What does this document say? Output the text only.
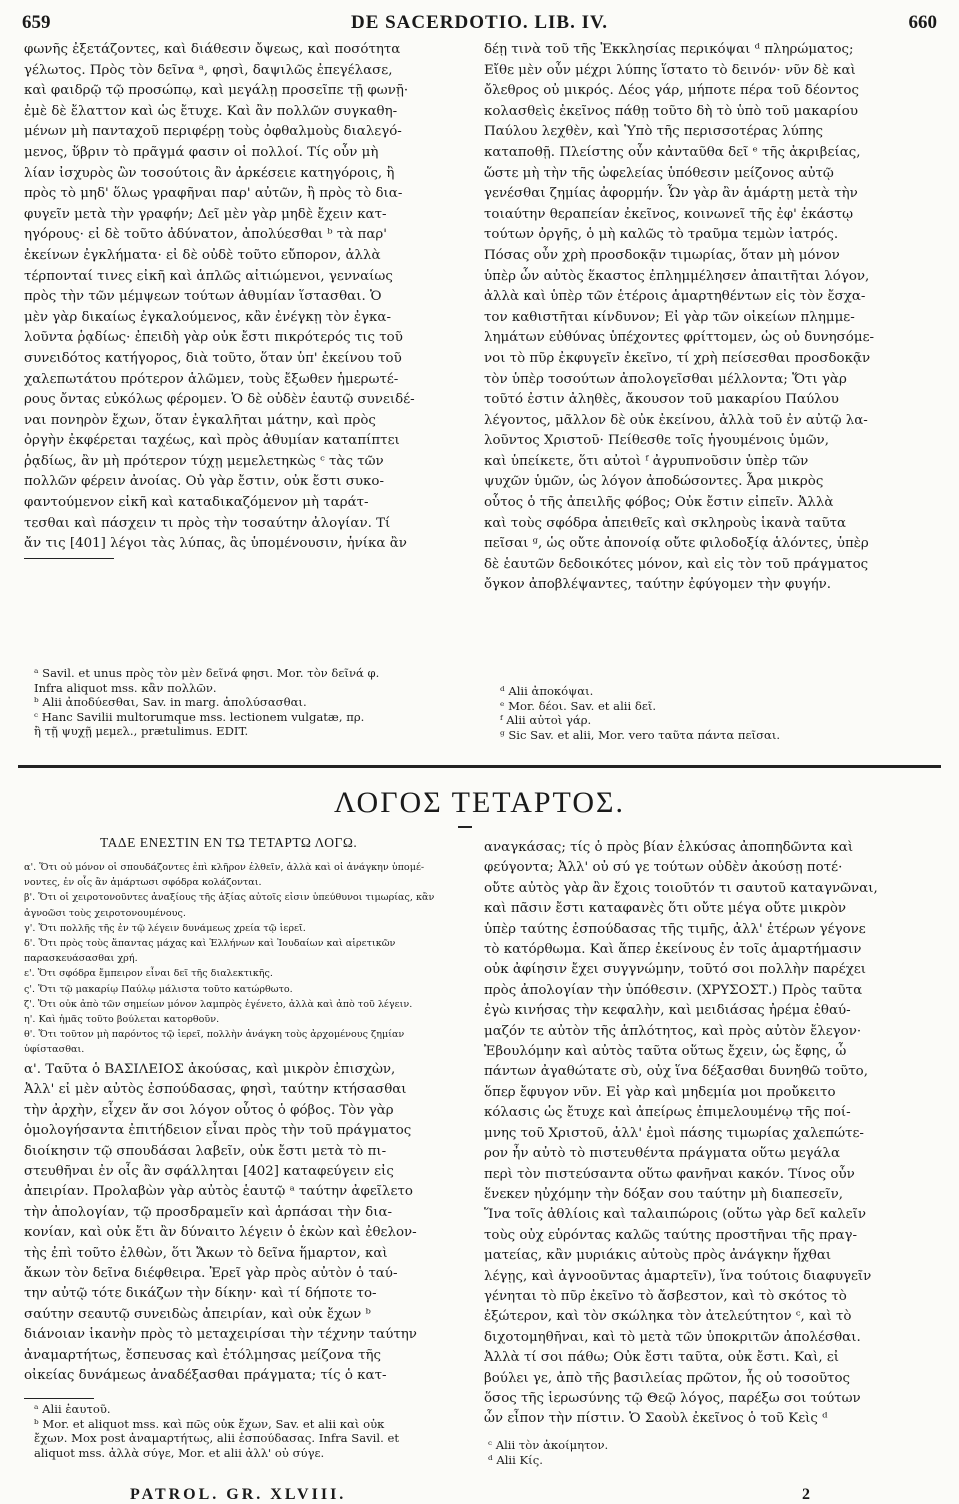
659	DE SACERDOTIO. LIB. IV.	660
φωνῆς ἐξετάζοντες, καὶ διάθεσιν ὄψεως, καὶ ποσότητα
γέλωτος. Πρὸς τὸν δεῖνα ᵃ, φησὶ, δαψιλῶς ἐπεγέλασε,
καὶ φαιδρῷ τῷ προσώπῳ, καὶ μεγάλῃ προσεῖπε τῇ φωνῇ·
ἐμὲ δὲ ἔλαττον καὶ ὡς ἔτυχε. Καὶ ἂν πολλῶν συγκαθη-
μένων μὴ πανταχοῦ περιφέρῃ τοὺς ὀφθαλμοὺς διαλεγό-
μενος, ὕβριν τὸ πρᾶγμά φασιν οἱ πολλοί. Τίς οὖν μὴ
λίαν ἰσχυρὸς ὢν τοσούτοις ἂν ἀρκέσειε κατηγόροις, ἢ
πρὸς τὸ μηδ' ὅλως γραφῆναι παρ' αὐτῶν, ἢ πρὸς τὸ δια-
φυγεῖν μετὰ τὴν γραφήν; Δεῖ μὲν γὰρ μηδὲ ἔχειν κατ-
ηγόρους· εἰ δὲ τοῦτο ἀδύνατον, ἀπολύεσθαι ᵇ τὰ παρ'
ἐκείνων ἐγκλήματα· εἰ δὲ οὐδὲ τοῦτο εὔπορον, ἀλλὰ
τέρπονταί τινες εἰκῆ καὶ ἁπλῶς αἰτιώμενοι, γενναίως
πρὸς τὴν τῶν μέμψεων τούτων ἀθυμίαν ἵστασθαι. Ὁ
μὲν γὰρ δικαίως ἐγκαλούμενος, κἂν ἐνέγκῃ τὸν ἐγκα-
λοῦντα ῥᾳδίως· ἐπειδὴ γὰρ οὐκ ἔστι πικρότερός τις τοῦ
συνειδότος κατήγορος, διὰ τοῦτο, ὅταν ὑπ' ἐκείνου τοῦ
χαλεπωτάτου πρότερον ἁλῶμεν, τοὺς ἔξωθεν ἡμερωτέ-
ρους ὄντας εὐκόλως φέρομεν. Ὁ δὲ οὐδὲν ἑαυτῷ συνειδέ-
ναι πονηρὸν ἔχων, ὅταν ἐγκαλῆται μάτην, καὶ πρὸς
ὀργὴν ἐκφέρεται ταχέως, καὶ πρὸς ἀθυμίαν καταπίπτει
ῥᾳδίως, ἂν μὴ πρότερον τύχῃ μεμελετηκὼς ᶜ τὰς τῶν
πολλῶν φέρειν ἀνοίας. Οὐ γὰρ ἔστιν, οὐκ ἔστι συκο-
φαντούμενον εἰκῆ καὶ καταδικαζόμενον μὴ ταράτ-
τεσθαι καὶ πάσχειν τι πρὸς τὴν τοσαύτην ἀλογίαν. Τί
ἄν τις [401] λέγοι τὰς λύπας, ἃς ὑπομένουσιν, ἡνίκα ἂν
δέῃ τινὰ τοῦ τῆς Ἐκκλησίας περικόψαι ᵈ πληρώματος;
Εἴθε μὲν οὖν μέχρι λύπης ἵστατο τὸ δεινόν· νῦν δὲ καὶ
ὄλεθρος οὐ μικρός. Δέος γάρ, μήποτε πέρα τοῦ δέοντος
κολασθεὶς ἐκεῖνος πάθῃ τοῦτο δὴ τὸ ὑπὸ τοῦ μακαρίου
Παύλου λεχθὲν, καὶ Ὑπὸ τῆς περισσοτέρας λύπης
καταποθῇ. Πλείστης οὖν κἀνταῦθα δεῖ ᵉ τῆς ἀκριβείας,
ὥστε μὴ τὴν τῆς ὠφελείας ὑπόθεσιν μείζονος αὐτῷ
γενέσθαι ζημίας ἀφορμήν. Ὧν γὰρ ἂν ἁμάρτῃ μετὰ τὴν
τοιαύτην θεραπείαν ἐκεῖνος, κοινωνεῖ τῆς ἐφ' ἑκάστῳ
τούτων ὀργῆς, ὁ μὴ καλῶς τὸ τραῦμα τεμὼν ἰατρός.
Πόσας οὖν χρὴ προσδοκᾷν τιμωρίας, ὅταν μὴ μόνον
ὑπὲρ ὧν αὐτὸς ἕκαστος ἐπλημμέλησεν ἀπαιτῆται λόγον,
ἀλλὰ καὶ ὑπὲρ τῶν ἑτέροις ἁμαρτηθέντων εἰς τὸν ἔσχα-
τον καθιστῆται κίνδυνον; Εἰ γὰρ τῶν οἰκείων πλημμε-
λημάτων εὐθύνας ὑπέχοντες φρίττομεν, ὡς οὐ δυνησόμε-
νοι τὸ πῦρ ἐκφυγεῖν ἐκεῖνο, τί χρὴ πείσεσθαι προσδοκᾷν
τὸν ὑπὲρ τοσούτων ἀπολογεῖσθαι μέλλοντα; Ὅτι γὰρ
τοῦτό ἐστιν ἀληθὲς, ἄκουσον τοῦ μακαρίου Παύλου
λέγοντος, μᾶλλον δὲ οὐκ ἐκείνου, ἀλλὰ τοῦ ἐν αὐτῷ λα-
λοῦντος Χριστοῦ· Πείθεσθε τοῖς ἡγουμένοις ὑμῶν,
καὶ ὑπείκετε, ὅτι αὐτοὶ ᶠ ἀγρυπνοῦσιν ὑπὲρ τῶν
ψυχῶν ὑμῶν, ὡς λόγον ἀποδώσοντες. Ἆρα μικρὸς
οὗτος ὁ τῆς ἀπειλῆς φόβος; Οὐκ ἔστιν εἰπεῖν. Ἀλλὰ
καὶ τοὺς σφόδρα ἀπειθεῖς καὶ σκληροὺς ἱκανὰ ταῦτα
πεῖσαι ᵍ, ὡς οὔτε ἀπονοίᾳ οὔτε φιλοδοξίᾳ ἁλόντες, ὑπὲρ
δὲ ἑαυτῶν δεδοικότες μόνον, καὶ εἰς τὸν τοῦ πράγματος
ὄγκον ἀποβλέψαντες, ταύτην ἐφύγομεν τὴν φυγήν.
ᵃ Savil. et unus πρὸς τὸν μὲν δεῖνά φησι. Mor. τὸν δεῖνά φ.
Infra aliquot mss. κἂν πολλῶν.
ᵇ Alii ἀποδύεσθαι, Sav. in marg. ἀπολύσασθαι.
ᶜ Hanc Savilii multorumque mss. lectionem vulgatæ, πρ.
ἢ τῇ ψυχῇ μεμελ., prætulimus. EDIT.
ᵈ Alii ἀποκόψαι.
ᵉ Mor. δέοι. Sav. et alii δεῖ.
ᶠ Alii αὐτοὶ γάρ.
ᵍ Sic Sav. et alii, Mor. vero ταῦτα πάντα πεῖσαι.
ΛΟΓΟΣ ΤΕΤΑΡΤΟΣ.
ΤΑΔΕ ΕΝΕΣΤΙΝ ΕΝ ΤΩ ΤΕΤΑΡΤΩ ΛΟΓΩ.
α'. Ὅτι οὐ μόνον οἱ σπουδάζοντες ἐπὶ κλῆρον ἐλθεῖν, ἀλλὰ καὶ οἱ ἀνάγκην ὑπομέ-
νοντες, ἐν οἷς ἂν ἁμάρτωσι σφόδρα κολάζονται.
β'. Ὅτι οἱ χειροτονοῦντες ἀναξίους τῆς ἀξίας αὐτοῖς εἰσιν ὑπεύθυνοι τιμωρίας, κἂν
ἀγνοῶσι τοὺς χειροτονουμένους.
γ'. Ὅτι πολλῆς τῆς ἐν τῷ λέγειν δυνάμεως χρεία τῷ ἱερεῖ.
δ'. Ὅτι πρὸς τοὺς ἅπαντας μάχας καὶ Ἑλλήνων καὶ Ἰουδαίων καὶ αἱρετικῶν
παρασκευάσασθαι χρή.
ε'. Ὅτι σφόδρα ἔμπειρον εἶναι δεῖ τῆς διαλεκτικῆς.
ς'. Ὅτι τῷ μακαρίῳ Παύλῳ μάλιστα τοῦτο κατώρθωτο.
ζ'. Ὅτι οὐκ ἀπὸ τῶν σημείων μόνον λαμπρὸς ἐγένετο, ἀλλὰ καὶ ἀπὸ τοῦ λέγειν.
η'. Καὶ ἡμᾶς τοῦτο βούλεται κατορθοῦν.
θ'. Ὅτι τοῦτον μὴ παρόντος τῷ ἱερεῖ, πολλὴν ἀνάγκη τοὺς ἀρχομένους ζημίαν
ὑφίστασθαι.
α'. Ταῦτα ὁ ΒΑΣΙΛΕΙΟΣ ἀκούσας, καὶ μικρὸν ἐπισχὼν,
Ἀλλ' εἰ μὲν αὐτὸς ἐσπούδασας, φησὶ, ταύτην κτήσασθαι
τὴν ἀρχὴν, εἶχεν ἄν σοι λόγον οὗτος ὁ φόβος. Τὸν γὰρ
ὁμολογήσαντα ἐπιτήδειον εἶναι πρὸς τὴν τοῦ πράγματος
διοίκησιν τῷ σπουδάσαι λαβεῖν, οὐκ ἔστι μετὰ τὸ πι-
στευθῆναι ἐν οἷς ἂν σφάλληται [402] καταφεύγειν εἰς
ἀπειρίαν. Προλαβὼν γὰρ αὐτὸς ἑαυτῷ ᵃ ταύτην ἀφεῖλετο
τὴν ἀπολογίαν, τῷ προσδραμεῖν καὶ ἁρπάσαι τὴν δια-
κονίαν, καὶ οὐκ ἔτι ἂν δύναιτο λέγειν ὁ ἑκὼν καὶ ἐθελον-
τὴς ἐπὶ τοῦτο ἐλθὼν, ὅτι Ἄκων τὸ δεῖνα ἥμαρτον, καὶ
ἄκων τὸν δεῖνα διέφθειρα. Ἐρεῖ γὰρ πρὸς αὐτὸν ὁ ταύ-
την αὐτῷ τότε δικάζων τὴν δίκην· καὶ τί δήποτε το-
σαύτην σεαυτῷ συνειδὼς ἀπειρίαν, καὶ οὐκ ἔχων ᵇ
διάνοιαν ἱκανὴν πρὸς τὸ μεταχειρίσαι τὴν τέχνην ταύτην
ἀναμαρτήτως, ἔσπευσας καὶ ἐτόλμησας μείζονα τῆς
οἰκείας δυνάμεως ἀναδέξασθαι πράγματα; τίς ὁ κατ-
αναγκάσας; τίς ὁ πρὸς βίαν ἑλκύσας ἀποπηδῶντα καὶ
φεύγοντα; Ἀλλ' οὐ σύ γε τούτων οὐδὲν ἀκούσῃ ποτέ·
οὔτε αὐτὸς γὰρ ἂν ἔχοις τοιοῦτόν τι σαυτοῦ καταγνῶναι,
καὶ πᾶσιν ἔστι καταφανὲς ὅτι οὔτε μέγα οὔτε μικρὸν
ὑπὲρ ταύτης ἐσπούδασας τῆς τιμῆς, ἀλλ' ἑτέρων γέγονε
τὸ κατόρθωμα. Καὶ ἅπερ ἐκείνους ἐν τοῖς ἁμαρτήμασιν
οὐκ ἀφίησιν ἔχει συγγνώμην, τοῦτό σοι πολλὴν παρέχει
πρὸς ἀπολογίαν τὴν ὑπόθεσιν. (ΧΡΥΣΟΣΤ.) Πρὸς ταῦτα
ἐγὼ κινήσας τὴν κεφαλὴν, καὶ μειδιάσας ἠρέμα ἐθαύ-
μαζόν τε αὐτὸν τῆς ἁπλότητος, καὶ πρὸς αὐτὸν ἔλεγον·
Ἐβουλόμην καὶ αὐτὸς ταῦτα οὕτως ἔχειν, ὡς ἔφης, ὦ
πάντων ἀγαθώτατε σὺ, οὐχ ἵνα δέξασθαι δυνηθῶ τοῦτο,
ὅπερ ἔφυγον νῦν. Εἰ γὰρ καὶ μηδεμία μοι προὔκειτο
κόλασις ὡς ἔτυχε καὶ ἀπείρως ἐπιμελουμένῳ τῆς ποί-
μνης τοῦ Χριστοῦ, ἀλλ' ἐμοὶ πάσης τιμωρίας χαλεπώτε-
ρον ἦν αὐτὸ τὸ πιστευθέντα πράγματα οὕτω μεγάλα
περὶ τὸν πιστεύσαντα οὕτω φανῆναι κακόν. Τίνος οὖν
ἕνεκεν ηὐχόμην τὴν δόξαν σου ταύτην μὴ διαπεσεῖν,
Ἵνα τοῖς ἀθλίοις καὶ ταλαιπώροις (οὕτω γὰρ δεῖ καλεῖν
τοὺς οὐχ εὑρόντας καλῶς ταύτης προστῆναι τῆς πραγ-
ματείας, κἂν μυριάκις αὐτοὺς πρὸς ἀνάγκην ἥχθαι
λέγῃς, καὶ ἀγνοοῦντας ἁμαρτεῖν), ἵνα τούτοις διαφυγεῖν
γένηται τὸ πῦρ ἐκεῖνο τὸ ἄσβεστον, καὶ τὸ σκότος τὸ
ἐξώτερον, καὶ τὸν σκώληκα τὸν ἀτελεύτητον ᶜ, καὶ τὸ
διχοτομηθῆναι, καὶ τὸ μετὰ τῶν ὑποκριτῶν ἀπολέσθαι.
Ἀλλὰ τί σοι πάθω; Οὐκ ἔστι ταῦτα, οὐκ ἔστι. Καὶ, εἰ
βούλει γε, ἀπὸ τῆς βασιλείας πρῶτον, ἧς οὐ τοσοῦτος
ὅσος τῆς ἱερωσύνης τῷ Θεῷ λόγος, παρέξω σοι τούτων
ὧν εἶπον τὴν πίστιν. Ὁ Σαοὺλ ἐκεῖνος ὁ τοῦ Κεὶς ᵈ
ᵃ Alii ἑαυτοῦ.
ᵇ Mor. et aliquot mss. καὶ πῶς οὐκ ἔχων, Sav. et alii καὶ οὐκ
ἔχων. Mox post ἀναμαρτήτως, alii ἐσπούδασας. Infra Savil. et
aliquot mss. ἀλλὰ σύγε, Mor. et alii ἀλλ' οὐ σύγε.
ᶜ Alii τὸν ἀκοίμητον.
ᵈ Alii Κίς.
PATROL. GR. XLVIII.	2
